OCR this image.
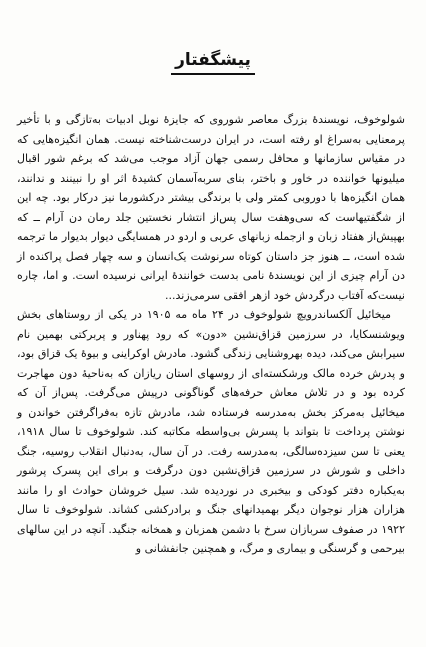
پیشگفتار

شولوخوف، نویسندهٔ بزرگ معاصر شوروی که جایزهٔ نوبل ادبیات به‌تازگی و با تأخیر پرمعنایی به‌سراغ او رفته است، در ایران درست‌شناخته نیست. همان انگیزه‌هایی که در مقیاس سازمانها و محافل رسمی جهان آزاد موجب می‌شد که برغم شور اقبال میلیونها خواننده در خاور و باختر، بنای سربه‌آسمان کشیدهٔ اثر او را نبینند و ندانند، همان انگیزه‌ها با دوروبی کمتر ولی با برندگی بیشتر درکشورما نیز درکار بود. چه این از شگفتیهاست که سی‌وهفت سال پس‌از انتشار نخستین جلد رمان دن آرام ــ که بهپیش‌از هفتاد زبان و ازجمله زبانهای عربی و اردو در همسایگی دیوار بدیوار ما ترجمه شده است، ــ هنوز جز داستان کوتاه سرنوشت یک‌انسان و سه چهار فصل پراکنده از دن آرام چیزی از این نویسندهٔ نامی بدست خوانندهٔ ایرانی نرسیده است. و اما، چاره نیست‌که آفتاب درگردش خود ازهر افقی سرمی‌زند...

میخائیل آلکساندرویچ شولوخوف در ۲۴ ماه مه ۱۹۰۵ در یکی از روستاهای بخش ویوشنسکایا، در سرزمین قزاق‌نشین «دون» که رود پهناور و پربرکتی بهمین نام سیرابش می‌کند، دیده بهروشنایی زندگی گشود. مادرش اوکراینی و بیوهٔ یک قزاق بود، و پدرش خرده مالک ورشکسته‌ای از روسهای استان ریازان که به‌ناحیهٔ دون مهاجرت کرده بود و در تلاش معاش حرفه‌های گوناگونی درپیش می‌گرفت. پس‌از آن که میخائیل به‌مرکز بخش به‌مدرسه فرستاده شد، مادرش تازه به‌فراگرفتن خواندن و نوشتن پرداخت تا بتواند با پسرش بی‌واسطه مکاتبه کند. شولوخوف تا سال ۱۹۱۸، یعنی تا سن سیزده‌سالگی، به‌مدرسه رفت. در آن سال، به‌دنبال انقلاب روسیه، جنگ داخلی و شورش در سرزمین قزاق‌نشین دون درگرفت و برای این پسرک پرشور به‌یکباره دفتر کودکی و بیخبری در نوردیده شد. سیل خروشان حوادث او را مانند هزاران هزار نوجوان دیگر بهمیدانهای جنگ و برادرکشی کشاند. شولوخوف تا سال ۱۹۲۲ در صفوف سربازان سرخ با دشمن همزبان و همخانه جنگید. آنچه در این سالهای بیرحمی و گرسنگی و بیماری و مرگ، و همچنین جانفشانی و
